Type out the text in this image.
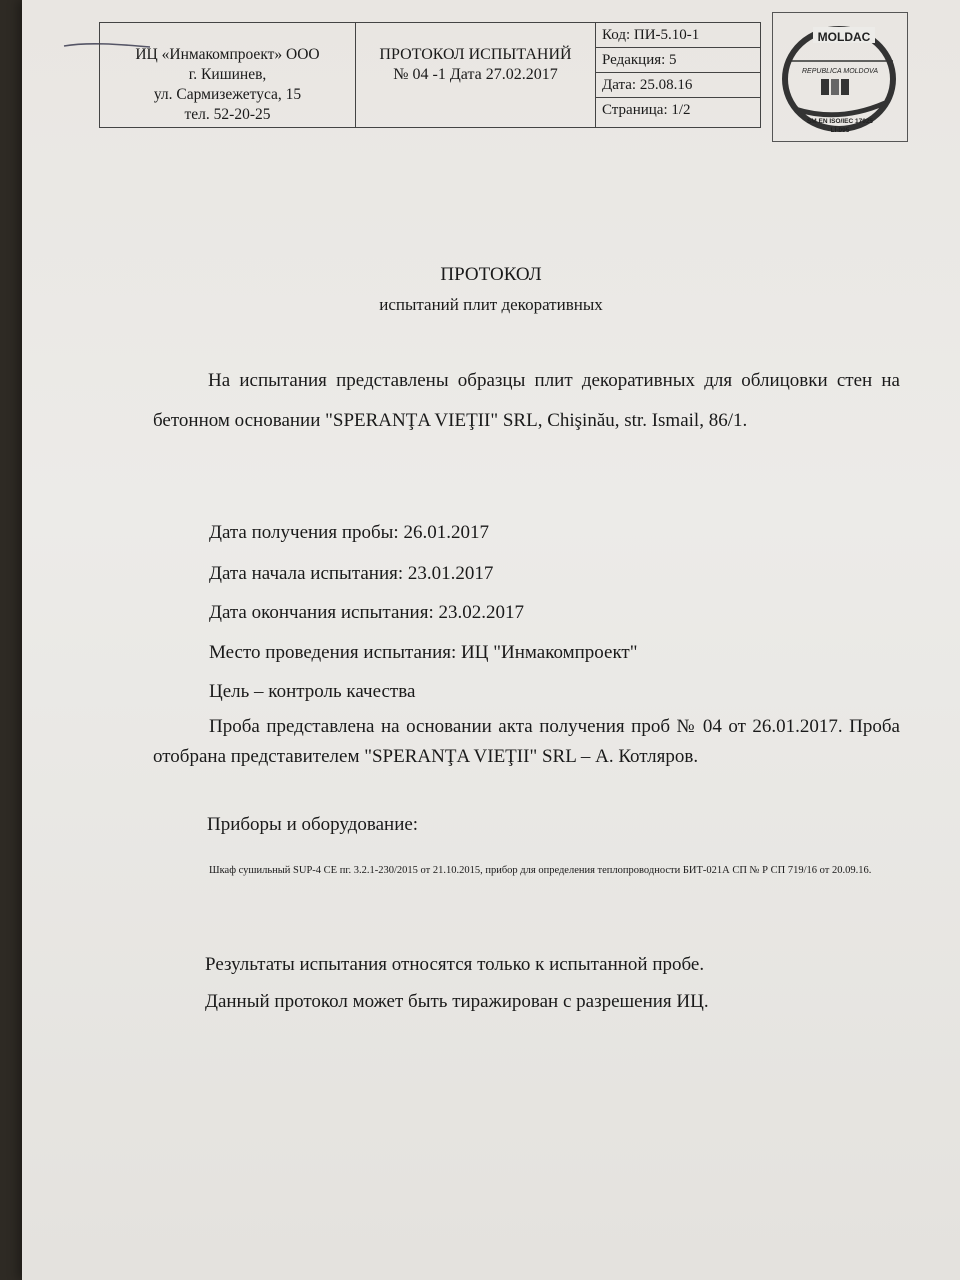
ИЦ «Инмакомпроект» ООО
г. Кишинев,
ул. Сармизежетуса, 15
тел. 52-20-25
ПРОТОКОЛ ИСПЫТАНИЙ
№ 04 -1 Дата 27.02.2017
Код: ПИ-5.10-1
Редакция: 5
Дата: 25.08.16
Страница: 1/2
MOLDAC
REPUBLICA MOLDOVA
SM EN ISO/IEC 17025
LÎ-095
ПРОТОКОЛ
испытаний плит декоративных
На испытания представлены образцы плит декоративных для облицовки стен на бетонном основании "SPERANŢA VIEŢII" SRL, Chişinău, str. Ismail, 86/1.
Дата получения пробы: 26.01.2017
Дата начала испытания: 23.01.2017
Дата окончания испытания: 23.02.2017
Место проведения испытания: ИЦ "Инмакомпроект"
Цель – контроль качества
Проба представлена на основании акта получения проб № 04 от 26.01.2017. Проба отобрана представителем "SPERANŢA VIEŢII" SRL – А. Котляров.
Приборы и оборудование:
Шкаф сушильный SUP-4 CE пг. 3.2.1-230/2015 от 21.10.2015, прибор для определения теплопроводности БИТ-021А СП № Р СП 719/16 от 20.09.16.
Результаты испытания относятся только к испытанной пробе.
Данный протокол может быть тиражирован с разрешения ИЦ.
